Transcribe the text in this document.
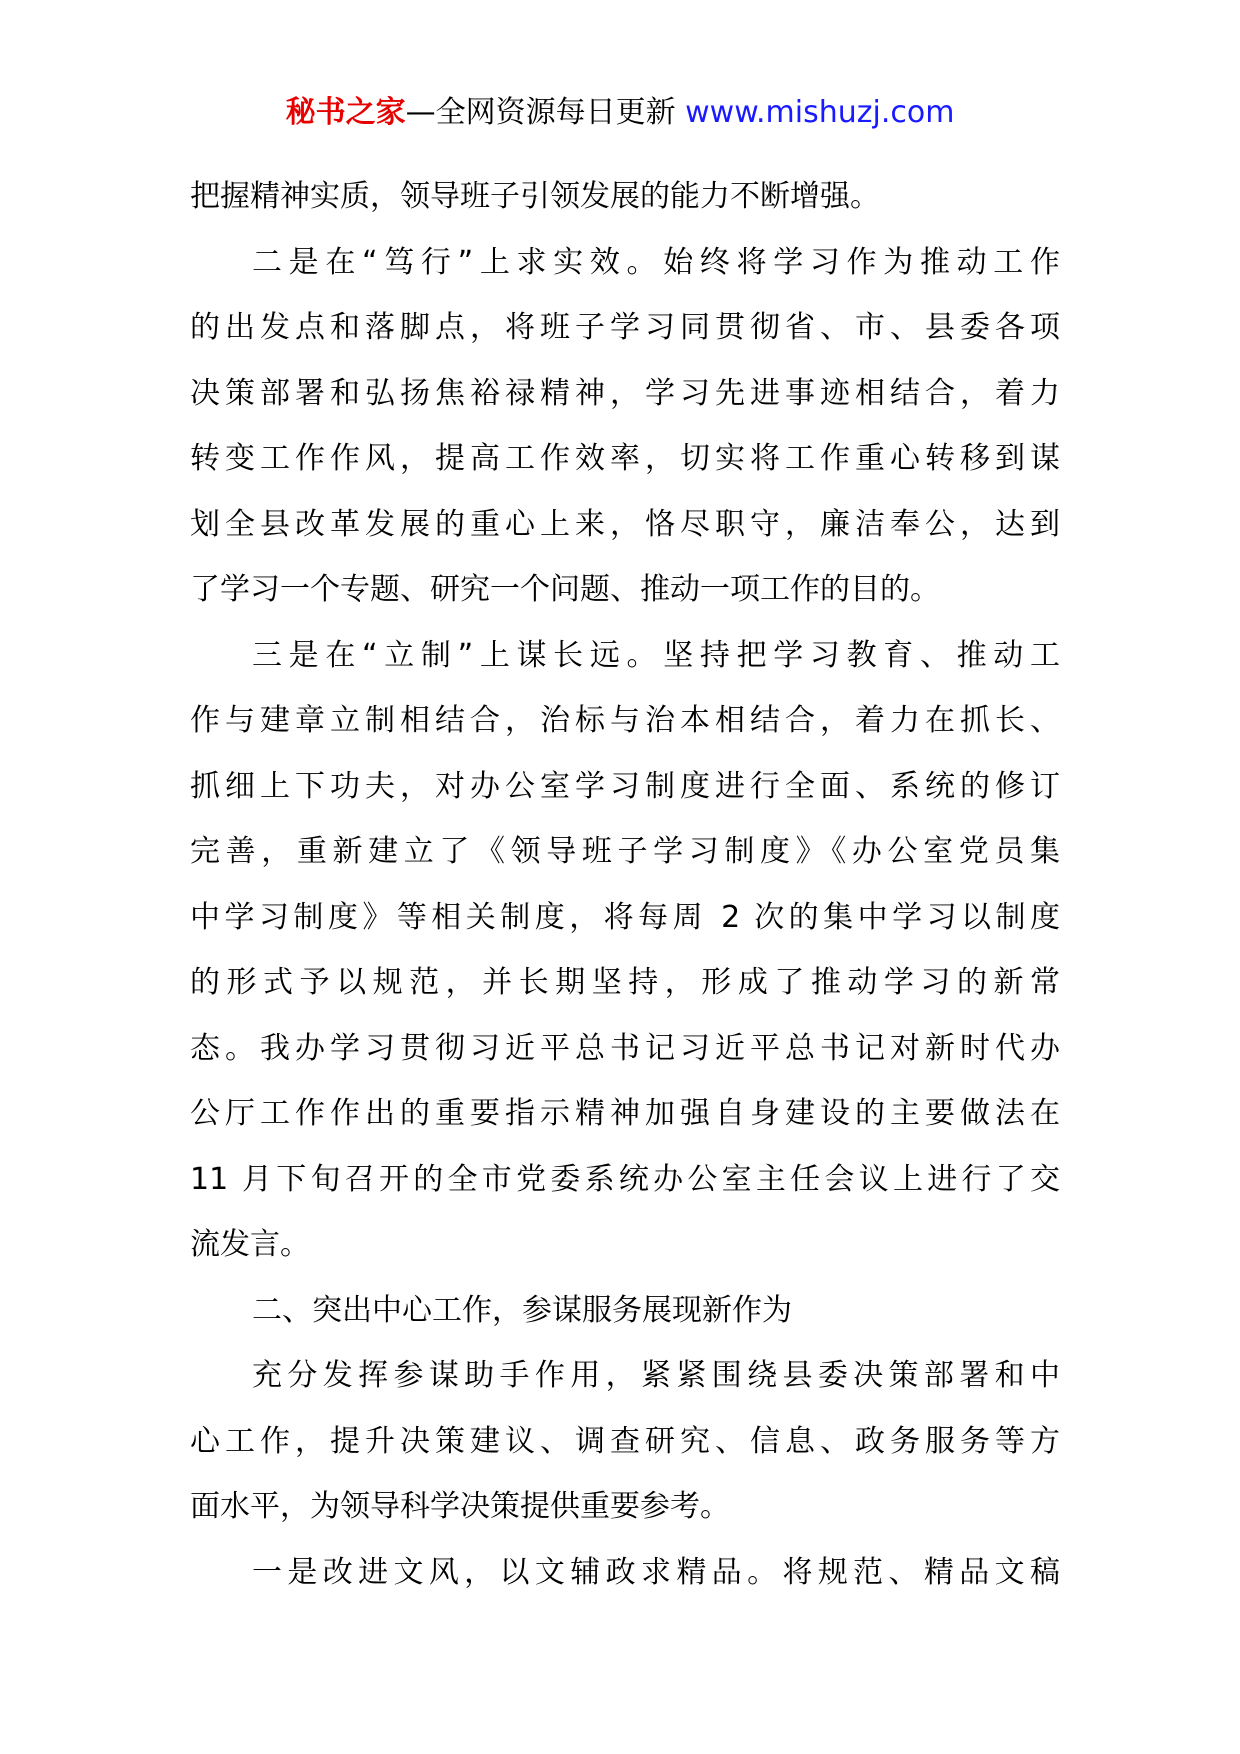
秘书之家—全网资源每日更新 www.mishuzj.com
把握精神实质，领导班子引领发展的能力不断增强。
二是在“笃行”上求实效。始终将学习作为推动工作
的出发点和落脚点，将班子学习同贯彻省、市、县委各项
决策部署和弘扬焦裕禄精神，学习先进事迹相结合，着力
转变工作作风，提高工作效率，切实将工作重心转移到谋
划全县改革发展的重心上来，恪尽职守，廉洁奉公，达到
了学习一个专题、研究一个问题、推动一项工作的目的。
三是在“立制”上谋长远。坚持把学习教育、推动工
作与建章立制相结合，治标与治本相结合，着力在抓长、
抓细上下功夫，对办公室学习制度进行全面、系统的修订
完善，重新建立了《领导班子学习制度》《办公室党员集
中学习制度》等相关制度，将每周 2 次的集中学习以制度
的形式予以规范，并长期坚持，形成了推动学习的新常
态。我办学习贯彻习近平总书记习近平总书记对新时代办
公厅工作作出的重要指示精神加强自身建设的主要做法在
11 月下旬召开的全市党委系统办公室主任会议上进行了交
流发言。
二、突出中心工作，参谋服务展现新作为
充分发挥参谋助手作用，紧紧围绕县委决策部署和中
心工作，提升决策建议、调查研究、信息、政务服务等方
面水平，为领导科学决策提供重要参考。
一是改进文风，以文辅政求精品。将规范、精品文稿
